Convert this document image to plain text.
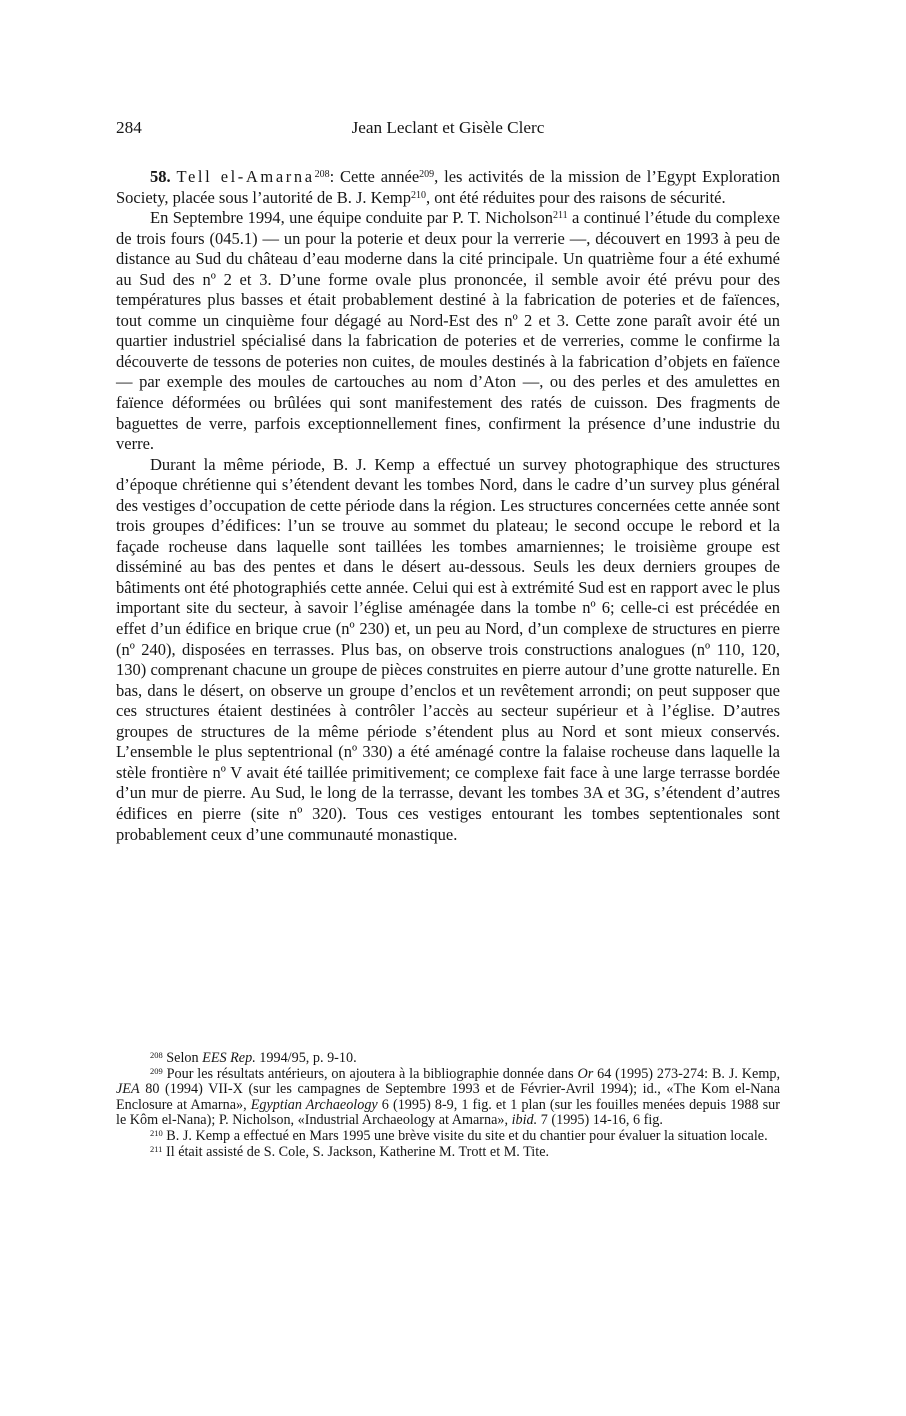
284	Jean Leclant et Gisèle Clerc

58. Tell el-Amarna$^{208}$: Cette année$^{209}$, les activités de la mission de l’Egypt Exploration Society, placée sous l’autorité de B. J. Kemp$^{210}$, ont été réduites pour des raisons de sécurité.

En Septembre 1994, une équipe conduite par P. T. Nicholson$^{211}$ a continué l’étude du complexe de trois fours (045.1) — un pour la poterie et deux pour la verrerie —, découvert en 1993 à peu de distance au Sud du château d’eau moderne dans la cité principale. Un quatrième four a été exhumé au Sud des nº 2 et 3. D’une forme ovale plus prononcée, il semble avoir été prévu pour des températures plus basses et était probablement destiné à la fabrication de poteries et de faïences, tout comme un cinquième four dégagé au Nord-Est des nº 2 et 3. Cette zone paraît avoir été un quartier industriel spécialisé dans la fabrication de poteries et de verreries, comme le confirme la découverte de tessons de poteries non cuites, de moules destinés à la fabrication d’objets en faïence — par exemple des moules de cartouches au nom d’Aton —, ou des perles et des amulettes en faïence déformées ou brûlées qui sont manifestement des ratés de cuisson. Des fragments de baguettes de verre, parfois exceptionnellement fines, confirment la présence d’une industrie du verre.

Durant la même période, B. J. Kemp a effectué un survey photographique des structures d’époque chrétienne qui s’étendent devant les tombes Nord, dans le cadre d’un survey plus général des vestiges d’occupation de cette période dans la région. Les structures concernées cette année sont trois groupes d’édifices: l’un se trouve au sommet du plateau; le second occupe le rebord et la façade rocheuse dans laquelle sont taillées les tombes amarniennes; le troisième groupe est disséminé au bas des pentes et dans le désert au-dessous. Seuls les deux derniers groupes de bâtiments ont été photographiés cette année. Celui qui est à extrémité Sud est en rapport avec le plus important site du secteur, à savoir l’église aménagée dans la tombe nº 6; celle-ci est précédée en effet d’un édifice en brique crue (nº 230) et, un peu au Nord, d’un complexe de structures en pierre (nº 240), disposées en terrasses. Plus bas, on observe trois constructions analogues (nº 110, 120, 130) comprenant chacune un groupe de pièces construites en pierre autour d’une grotte naturelle. En bas, dans le désert, on observe un groupe d’enclos et un revêtement arrondi; on peut supposer que ces structures étaient destinées à contrôler l’accès au secteur supérieur et à l’église. D’autres groupes de structures de la même période s’étendent plus au Nord et sont mieux conservés. L’ensemble le plus septentrional (nº 330) a été aménagé contre la falaise rocheuse dans laquelle la stèle frontière nº V avait été taillée primitivement; ce complexe fait face à une large terrasse bordée d’un mur de pierre. Au Sud, le long de la terrasse, devant les tombes 3A et 3G, s’étendent d’autres édifices en pierre (site nº 320). Tous ces vestiges entourant les tombes septentionales sont probablement ceux d’une communauté monastique.

$^{208}$ Selon EES Rep. 1994/95, p. 9-10.

$^{209}$ Pour les résultats antérieurs, on ajoutera à la bibliographie donnée dans Or 64 (1995) 273-274: B. J. Kemp, JEA 80 (1994) VII-X (sur les campagnes de Septembre 1993 et de Février-Avril 1994); id., «The Kom el-Nana Enclosure at Amarna», Egyptian Archaeology 6 (1995) 8-9, 1 fig. et 1 plan (sur les fouilles menées depuis 1988 sur le Kôm el-Nana); P. Nicholson, «Industrial Archaeology at Amarna», ibid. 7 (1995) 14-16, 6 fig.

$^{210}$ B. J. Kemp a effectué en Mars 1995 une brève visite du site et du chantier pour évaluer la situation locale.

$^{211}$ Il était assisté de S. Cole, S. Jackson, Katherine M. Trott et M. Tite.
